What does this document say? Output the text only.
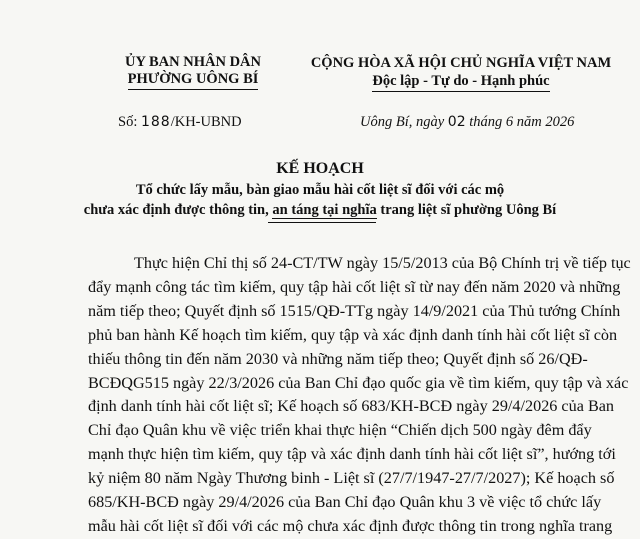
ỦY BAN NHÂN DÂN
PHƯỜNG UÔNG BÍ
CỘNG HÒA XÃ HỘI CHỦ NGHĨA VIỆT NAM
Độc lập - Tự do - Hạnh phúc
Số: 188/KH-UBND	Uông Bí, ngày 02 tháng 6 năm 2026
KẾ HOẠCH
Tổ chức lấy mẫu, bàn giao mẫu hài cốt liệt sĩ đối với các mộ
chưa xác định được thông tin, an táng tại nghĩa trang liệt sĩ phường Uông Bí
Thực hiện Chỉ thị số 24-CT/TW ngày 15/5/2013 của Bộ Chính trị về tiếp tục
đẩy mạnh công tác tìm kiếm, quy tập hài cốt liệt sĩ từ nay đến năm 2020 và những
năm tiếp theo; Quyết định số 1515/QĐ-TTg ngày 14/9/2021 của Thủ tướng Chính
phủ ban hành Kế hoạch tìm kiếm, quy tập và xác định danh tính hài cốt liệt sĩ còn
thiếu thông tin đến năm 2030 và những năm tiếp theo; Quyết định số 26/QĐ-
BCĐQG515 ngày 22/3/2026 của Ban Chỉ đạo quốc gia về tìm kiếm, quy tập và xác
định danh tính hài cốt liệt sĩ; Kế hoạch số 683/KH-BCĐ ngày 29/4/2026 của Ban
Chỉ đạo Quân khu về việc triển khai thực hiện “Chiến dịch 500 ngày đêm đẩy
mạnh thực hiện tìm kiếm, quy tập và xác định danh tính hài cốt liệt sĩ”, hướng tới
kỷ niệm 80 năm Ngày Thương binh - Liệt sĩ (27/7/1947-27/7/2027); Kế hoạch số
685/KH-BCĐ ngày 29/4/2026 của Ban Chỉ đạo Quân khu 3 về việc tổ chức lấy
mẫu hài cốt liệt sĩ đối với các mộ chưa xác định được thông tin trong nghĩa trang
